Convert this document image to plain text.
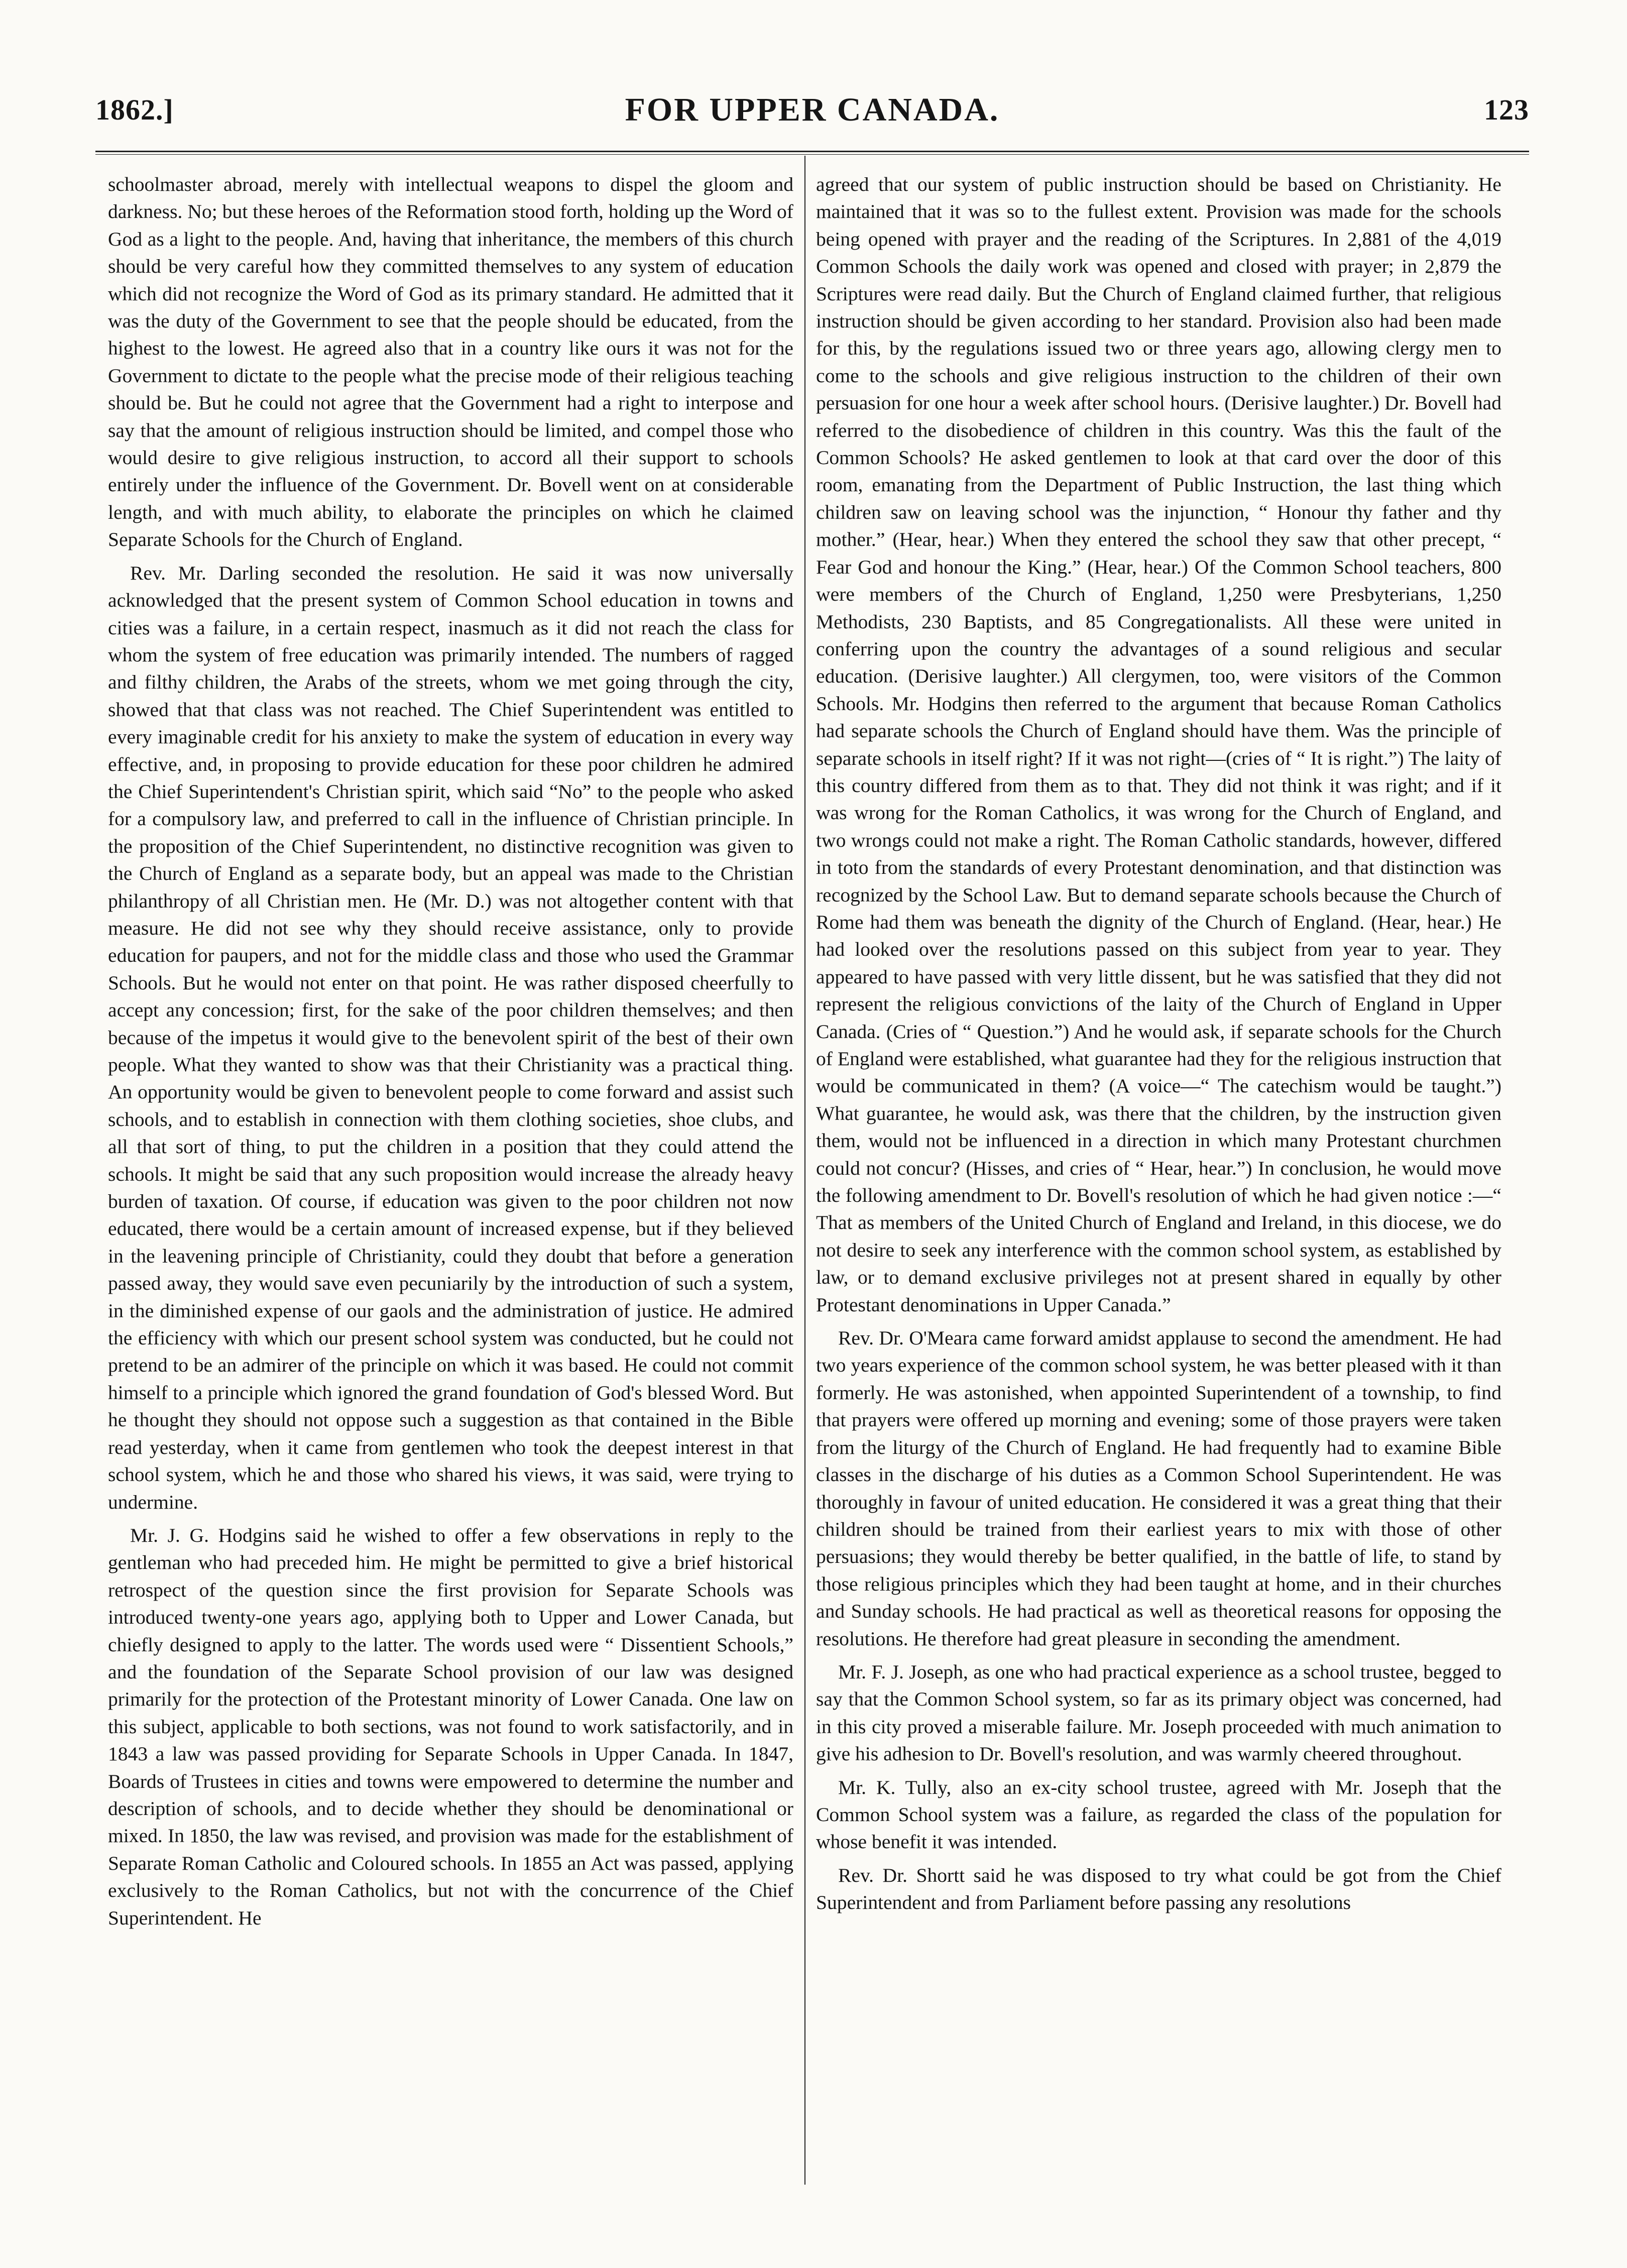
1862.]	FOR UPPER CANADA.	123

schoolmaster abroad, merely with intellectual weapons to dispel the gloom and darkness. No; but these heroes of the Reformation stood forth, holding up the Word of God as a light to the people. And, having that inheritance, the members of this church should be very careful how they committed themselves to any system of education which did not recognize the Word of God as its primary standard. He admitted that it was the duty of the Government to see that the people should be educated, from the highest to the lowest. He agreed also that in a country like ours it was not for the Government to dictate to the people what the precise mode of their religious teaching should be. But he could not agree that the Government had a right to interpose and say that the amount of religious instruction should be limited, and compel those who would desire to give religious instruction, to accord all their support to schools entirely under the influence of the Government. Dr. Bovell went on at considerable length, and with much ability, to elaborate the principles on which he claimed Separate Schools for the Church of England.

Rev. Mr. Darling seconded the resolution. He said it was now universally acknowledged that the present system of Common School education in towns and cities was a failure, in a certain respect, inasmuch as it did not reach the class for whom the system of free education was primarily intended. The numbers of ragged and filthy children, the Arabs of the streets, whom we met going through the city, showed that that class was not reached. The Chief Superintendent was entitled to every imaginable credit for his anxiety to make the system of education in every way effective, and, in proposing to provide education for these poor children he admired the Chief Superintendent's Christian spirit, which said “No” to the people who asked for a compulsory law, and preferred to call in the influence of Christian principle. In the proposition of the Chief Superintendent, no distinctive recognition was given to the Church of England as a separate body, but an appeal was made to the Christian philanthropy of all Christian men. He (Mr. D.) was not altogether content with that measure. He did not see why they should receive assistance, only to provide education for paupers, and not for the middle class and those who used the Grammar Schools. But he would not enter on that point. He was rather disposed cheerfully to accept any concession; first, for the sake of the poor children themselves; and then because of the impetus it would give to the benevolent spirit of the best of their own people. What they wanted to show was that their Christianity was a practical thing. An opportunity would be given to benevolent people to come forward and assist such schools, and to establish in connection with them clothing societies, shoe clubs, and all that sort of thing, to put the children in a position that they could attend the schools. It might be said that any such proposition would increase the already heavy burden of taxation. Of course, if education was given to the poor children not now educated, there would be a certain amount of increased expense, but if they believed in the leavening principle of Christianity, could they doubt that before a generation passed away, they would save even pecuniarily by the introduction of such a system, in the diminished expense of our gaols and the administration of justice. He admired the efficiency with which our present school system was conducted, but he could not pretend to be an admirer of the principle on which it was based. He could not commit himself to a principle which ignored the grand foundation of God's blessed Word. But he thought they should not oppose such a suggestion as that contained in the Bible read yesterday, when it came from gentlemen who took the deepest interest in that school system, which he and those who shared his views, it was said, were trying to undermine.

Mr. J. G. Hodgins said he wished to offer a few observations in reply to the gentleman who had preceded him. He might be permitted to give a brief historical retrospect of the question since the first provision for Separate Schools was introduced twenty-one years ago, applying both to Upper and Lower Canada, but chiefly designed to apply to the latter. The words used were “ Dissentient Schools,” and the foundation of the Separate School provision of our law was designed primarily for the protection of the Protestant minority of Lower Canada. One law on this subject, applicable to both sections, was not found to work satisfactorily, and in 1843 a law was passed providing for Separate Schools in Upper Canada. In 1847, Boards of Trustees in cities and towns were empowered to determine the number and description of schools, and to decide whether they should be denominational or mixed. In 1850, the law was revised, and provision was made for the establishment of Separate Roman Catholic and Coloured schools. In 1855 an Act was passed, applying exclusively to the Roman Catholics, but not with the concurrence of the Chief Superintendent. He

agreed that our system of public instruction should be based on Christianity. He maintained that it was so to the fullest extent. Provision was made for the schools being opened with prayer and the reading of the Scriptures. In 2,881 of the 4,019 Common Schools the daily work was opened and closed with prayer; in 2,879 the Scriptures were read daily. But the Church of England claimed further, that religious instruction should be given according to her standard. Provision also had been made for this, by the regulations issued two or three years ago, allowing clergy men to come to the schools and give religious instruction to the children of their own persuasion for one hour a week after school hours. (Derisive laughter.) Dr. Bovell had referred to the disobedience of children in this country. Was this the fault of the Common Schools? He asked gentlemen to look at that card over the door of this room, emanating from the Department of Public Instruction, the last thing which children saw on leaving school was the injunction, “ Honour thy father and thy mother.” (Hear, hear.) When they entered the school they saw that other precept, “ Fear God and honour the King.” (Hear, hear.) Of the Common School teachers, 800 were members of the Church of England, 1,250 were Presbyterians, 1,250 Methodists, 230 Baptists, and 85 Congregationalists. All these were united in conferring upon the country the advantages of a sound religious and secular education. (Derisive laughter.) All clergymen, too, were visitors of the Common Schools. Mr. Hodgins then referred to the argument that because Roman Catholics had separate schools the Church of England should have them. Was the principle of separate schools in itself right? If it was not right—(cries of “ It is right.”) The laity of this country differed from them as to that. They did not think it was right; and if it was wrong for the Roman Catholics, it was wrong for the Church of England, and two wrongs could not make a right. The Roman Catholic standards, however, differed in toto from the standards of every Protestant denomination, and that distinction was recognized by the School Law. But to demand separate schools because the Church of Rome had them was beneath the dignity of the Church of England. (Hear, hear.) He had looked over the resolutions passed on this subject from year to year. They appeared to have passed with very little dissent, but he was satisfied that they did not represent the religious convictions of the laity of the Church of England in Upper Canada. (Cries of “ Question.”) And he would ask, if separate schools for the Church of England were established, what guarantee had they for the religious instruction that would be communicated in them? (A voice—“ The catechism would be taught.”) What guarantee, he would ask, was there that the children, by the instruction given them, would not be influenced in a direction in which many Protestant churchmen could not concur? (Hisses, and cries of “ Hear, hear.”) In conclusion, he would move the following amendment to Dr. Bovell's resolution of which he had given notice :—“ That as members of the United Church of England and Ireland, in this diocese, we do not desire to seek any interference with the common school system, as established by law, or to demand exclusive privileges not at present shared in equally by other Protestant denominations in Upper Canada.”

Rev. Dr. O'Meara came forward amidst applause to second the amendment. He had two years experience of the common school system, he was better pleased with it than formerly. He was astonished, when appointed Superintendent of a township, to find that prayers were offered up morning and evening; some of those prayers were taken from the liturgy of the Church of England. He had frequently had to examine Bible classes in the discharge of his duties as a Common School Superintendent. He was thoroughly in favour of united education. He considered it was a great thing that their children should be trained from their earliest years to mix with those of other persuasions; they would thereby be better qualified, in the battle of life, to stand by those religious principles which they had been taught at home, and in their churches and Sunday schools. He had practical as well as theoretical reasons for opposing the resolutions. He therefore had great pleasure in seconding the amendment.

Mr. F. J. Joseph, as one who had practical experience as a school trustee, begged to say that the Common School system, so far as its primary object was concerned, had in this city proved a miserable failure. Mr. Joseph proceeded with much animation to give his adhesion to Dr. Bovell's resolution, and was warmly cheered throughout.

Mr. K. Tully, also an ex-city school trustee, agreed with Mr. Joseph that the Common School system was a failure, as regarded the class of the population for whose benefit it was intended.

Rev. Dr. Shortt said he was disposed to try what could be got from the Chief Superintendent and from Parliament before passing any resolutions
